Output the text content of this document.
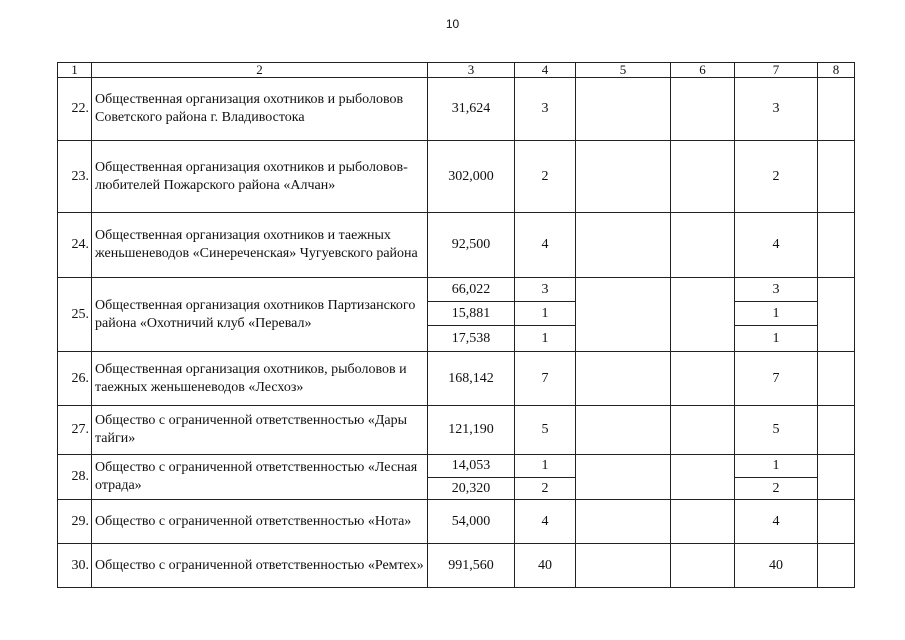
10
1	2	3	4	5	6	7	8
22.	Общественная организация охотников и рыболовов Советского района г. Владивостока	31,624	3			3	
23.	Общественная организация охотников и рыболовов-любителей Пожарского района «Алчан»	302,000	2			2	
24.	Общественная организация охотников и таежных женьшеневодов «Синереченская» Чугуевского района	92,500	4			4	
25.	Общественная организация охотников Партизанского района «Охотничий клуб «Перевал»	66,022	3			3	
		15,881	1			1	
		17,538	1			1	
26.	Общественная организация охотников, рыболовов и таежных женьшеневодов «Лесхоз»	168,142	7			7	
27.	Общество с ограниченной ответственностью «Дары тайги»	121,190	5			5	
28.	Общество с ограниченной ответственностью «Лесная отрада»	14,053	1			1	
		20,320	2			2	
29.	Общество с ограниченной ответственностью «Нота»	54,000	4			4	
30.	Общество с ограниченной ответственностью «Ремтех»	991,560	40			40	
